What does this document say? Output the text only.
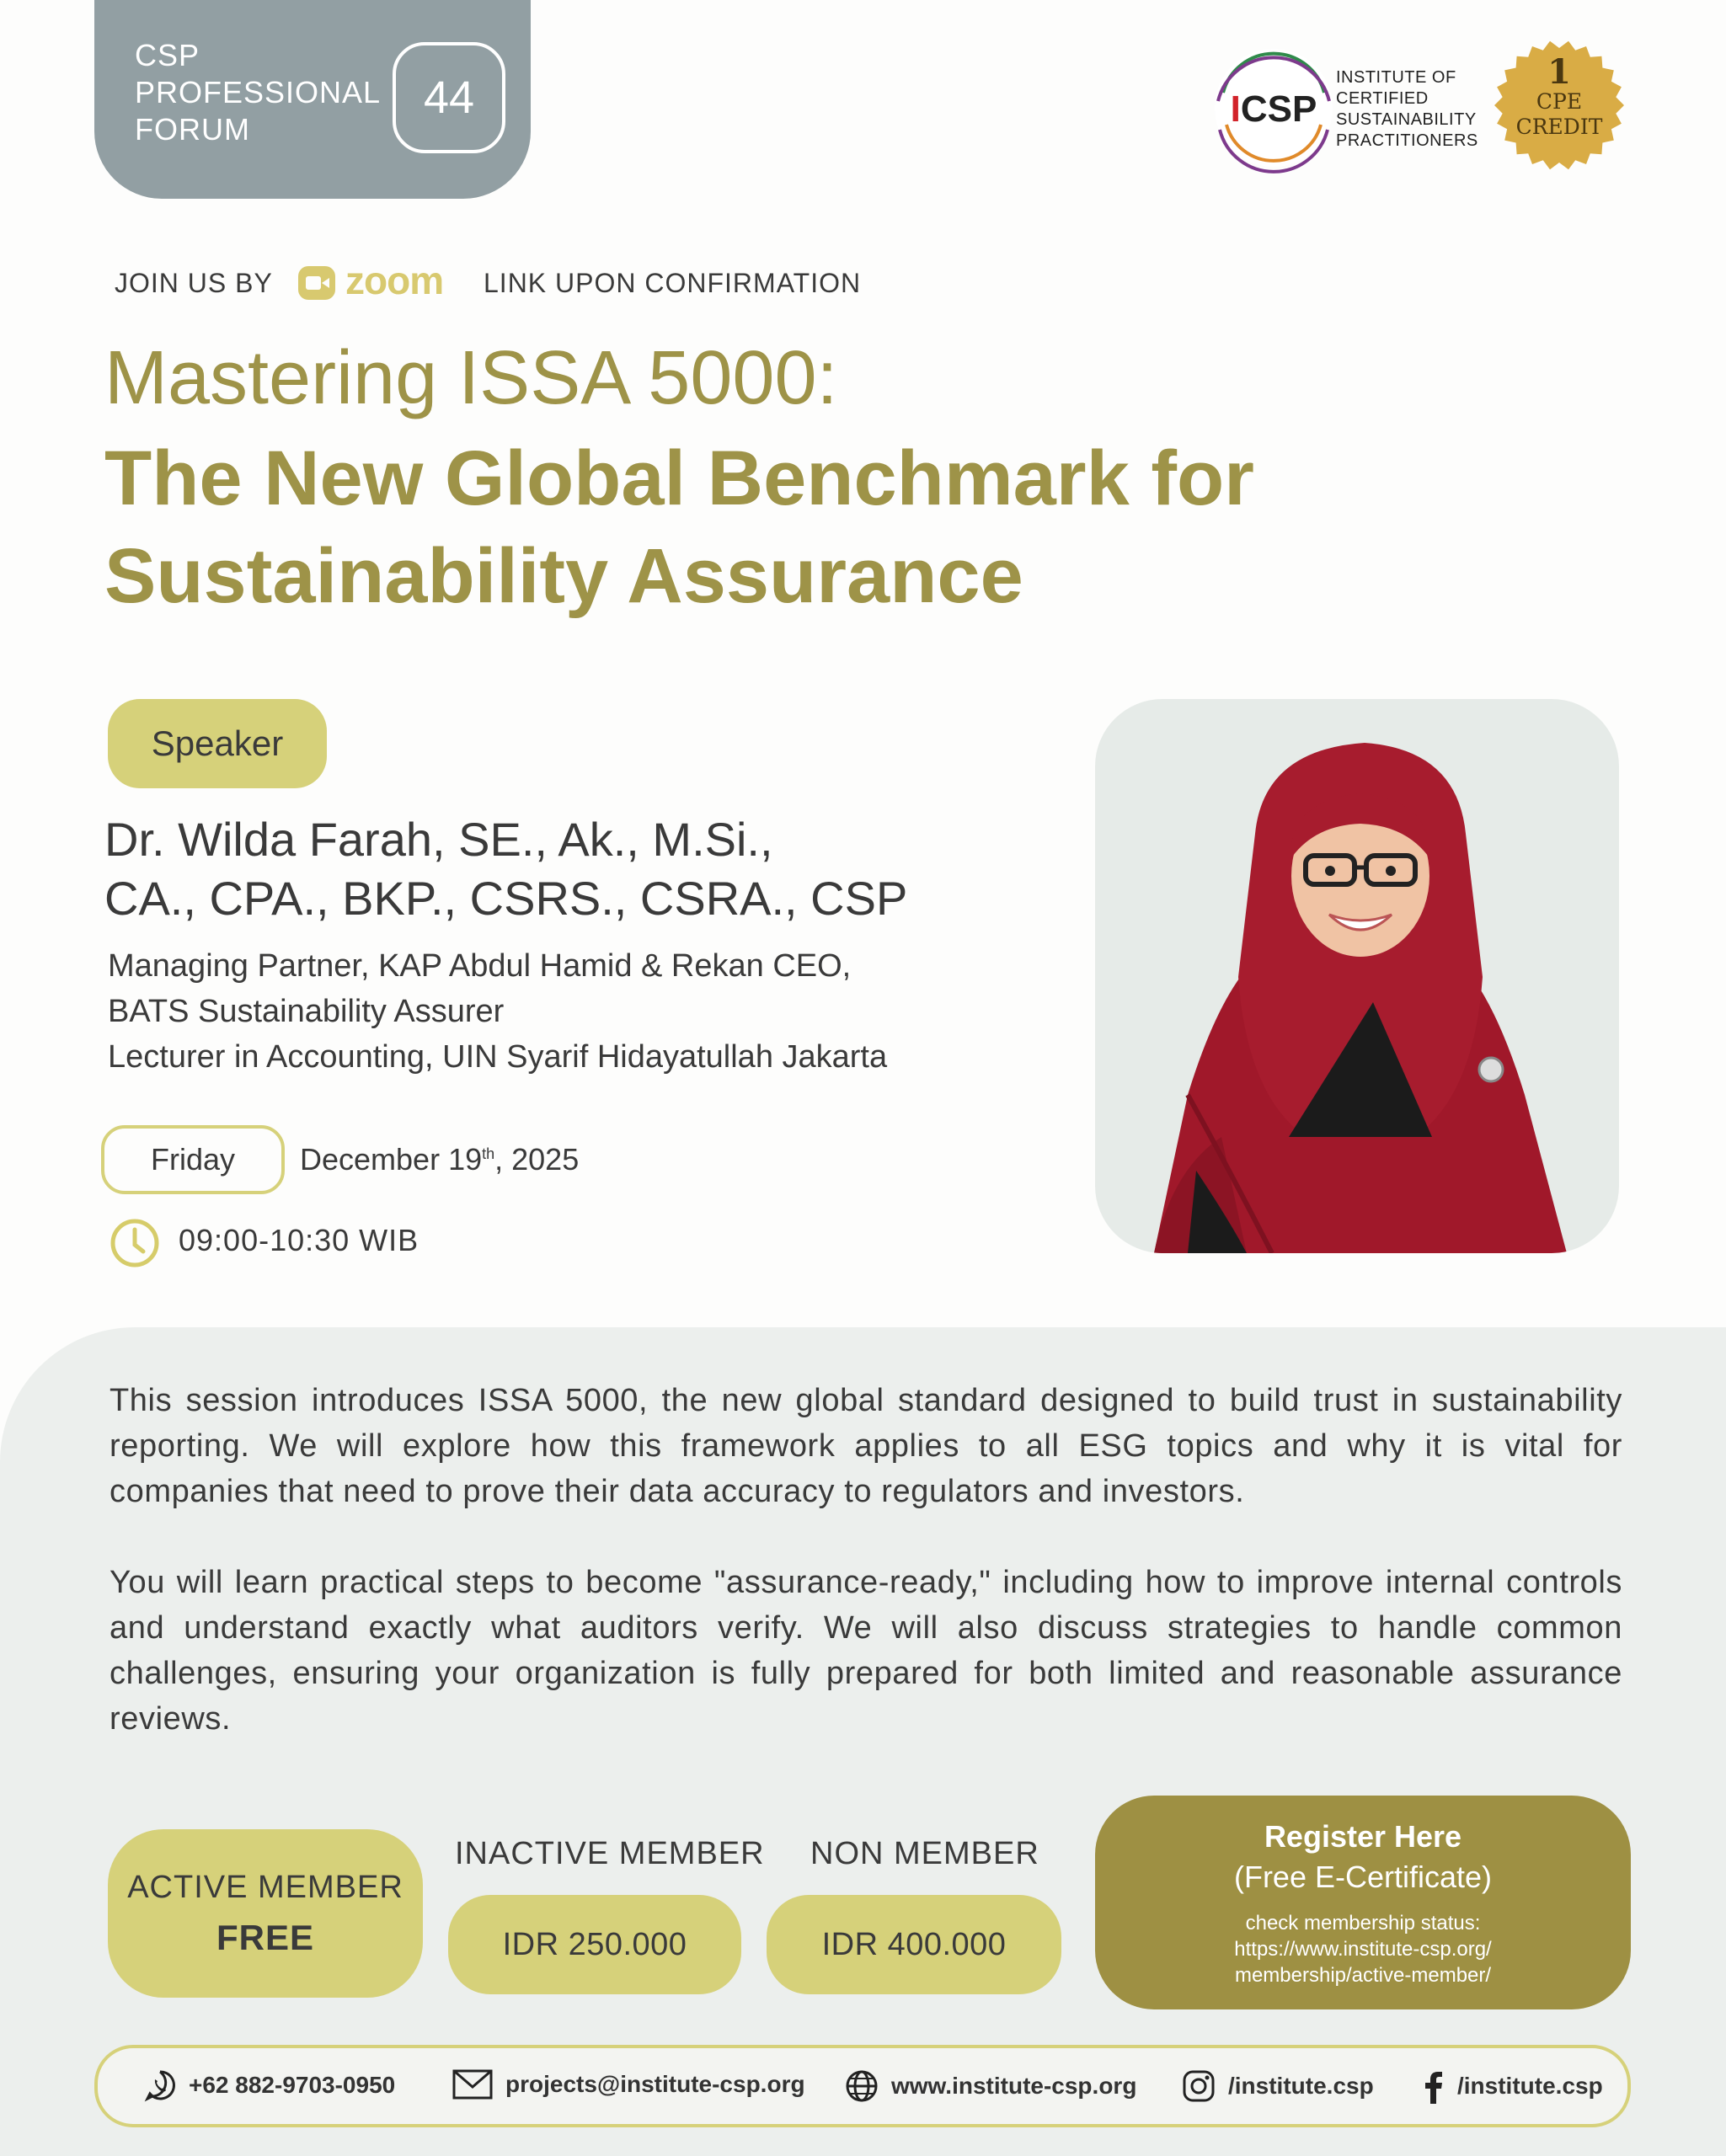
CSP
PROFESSIONAL
FORUM
44	ICSP
INSTITUTE OF
CERTIFIED
SUSTAINABILITY
PRACTITIONERS
1
CPE
CREDIT
JOIN US BY zoom LINK UPON CONFIRMATION
Mastering ISSA 5000:
The New Global Benchmark for Sustainability Assurance
Speaker
Dr. Wilda Farah, SE., Ak., M.Si.,
CA., CPA., BKP., CSRS., CSRA., CSP
Managing Partner, KAP Abdul Hamid & Rekan CEO,
BATS Sustainability Assurer
Lecturer in Accounting, UIN Syarif Hidayatullah Jakarta
Friday	December 19th, 2025
09:00-10:30 WIB

This session introduces ISSA 5000, the new global standard designed to build trust in sustainability reporting. We will explore how this framework applies to all ESG topics and why it is vital for companies that need to prove their data accuracy to regulators and investors.

You will learn practical steps to become "assurance-ready," including how to improve internal controls and understand exactly what auditors verify. We will also discuss strategies to handle common challenges, ensuring your organization is fully prepared for both limited and reasonable assurance reviews.

ACTIVE MEMBER
FREE
INACTIVE MEMBER
IDR 250.000
NON MEMBER
IDR 400.000
Register Here
(Free E-Certificate)
check membership status:
https://www.institute-csp.org/
membership/active-member/
+62 882-9703-0950	projects@institute-csp.org	www.institute-csp.org	/institute.csp	/institute.csp
